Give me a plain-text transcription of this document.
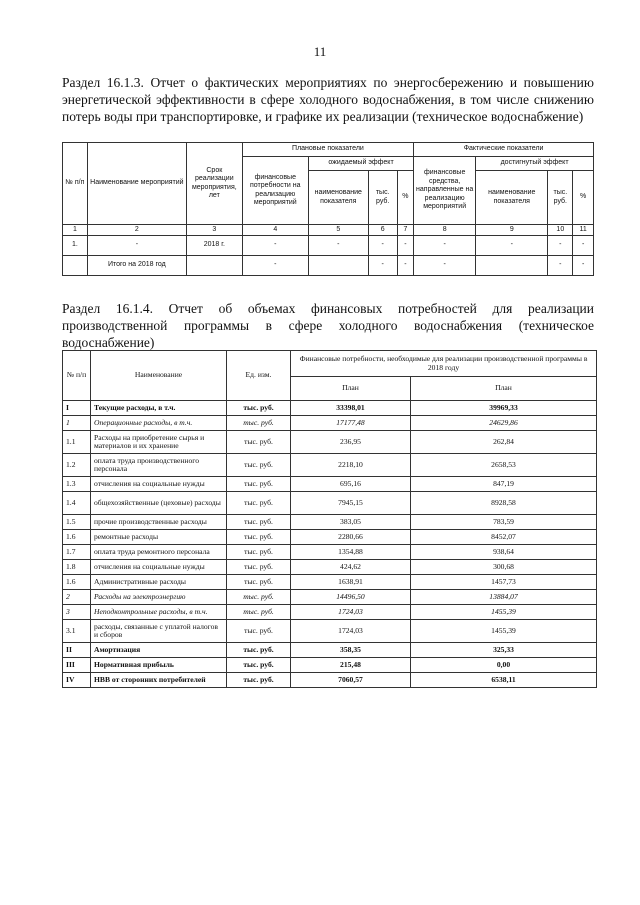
11
Раздел 16.1.3. Отчет о фактических мероприятиях по энергосбережению и повышению энергетической эффективности в сфере холодного водоснабжения, в том числе снижению потерь воды при транспортировке, и графике их реализации (техническое водоснабжение)
№ п/п	Наименование мероприятий	Срок реализации мероприятия, лет	Плановые показатели				Фактические показатели			
			финансовые потребности на реализацию мероприятий	ожидаемый эффект			финансовые средства, направленные на реализацию мероприятий	достигнутый эффект		
				наименование показателя	тыс. руб.	%		наименование показателя	тыс. руб.	%
1	2	3	4	5	6	7	8	9	10	11
1.	-	2018 г.	-	-	-	-	-	-	-	-
	Итого на 2018 год		-		-	-	-		-	-
Раздел 16.1.4. Отчет об объемах финансовых потребностей для реализации производственной программы в сфере холодного водоснабжения (техническое водоснабжение)
№ п/п	Наименование	Ед. изм.	Финансовые потребности, необходимые для реализации производственной программы в 2018 году	
			План	План
I	Текущие расходы, в т.ч.	тыс. руб.	33398,01	39969,33
1	Операционные расходы, в т.ч.	тыс. руб.	17177,48	24629,86
1.1	Расходы на приобретение сырья и материалов и их хранение	тыс. руб.	236,95	262,84
1.2	оплата труда производственного персонала	тыс. руб.	2218,10	2658,53
1.3	отчисления на социальные нужды	тыс. руб.	695,16	847,19
1.4	общехозяйственные (цеховые) расходы	тыс. руб.	7945,15	8928,58
1.5	прочие производственные расходы	тыс. руб.	383,05	783,59
1.6	ремонтные расходы	тыс. руб.	2280,66	8452,07
1.7	оплата труда ремонтного персонала	тыс. руб.	1354,88	938,64
1.8	отчисления на социальные нужды	тыс. руб.	424,62	300,68
1.6	Административные расходы	тыс. руб.	1638,91	1457,73
2	Расходы на электроэнергию	тыс. руб.	14496,50	13884,07
3	Неподконтрольные расходы, в т.ч.	тыс. руб.	1724,03	1455,39
3.1	расходы, связанные с уплатой налогов и сборов	тыс. руб.	1724,03	1455,39
II	Амортизация	тыс. руб.	358,35	325,33
III	Нормативная прибыль	тыс. руб.	215,48	0,00
IV	НВВ от сторонних потребителей	тыс. руб.	7060,57	6538,11
